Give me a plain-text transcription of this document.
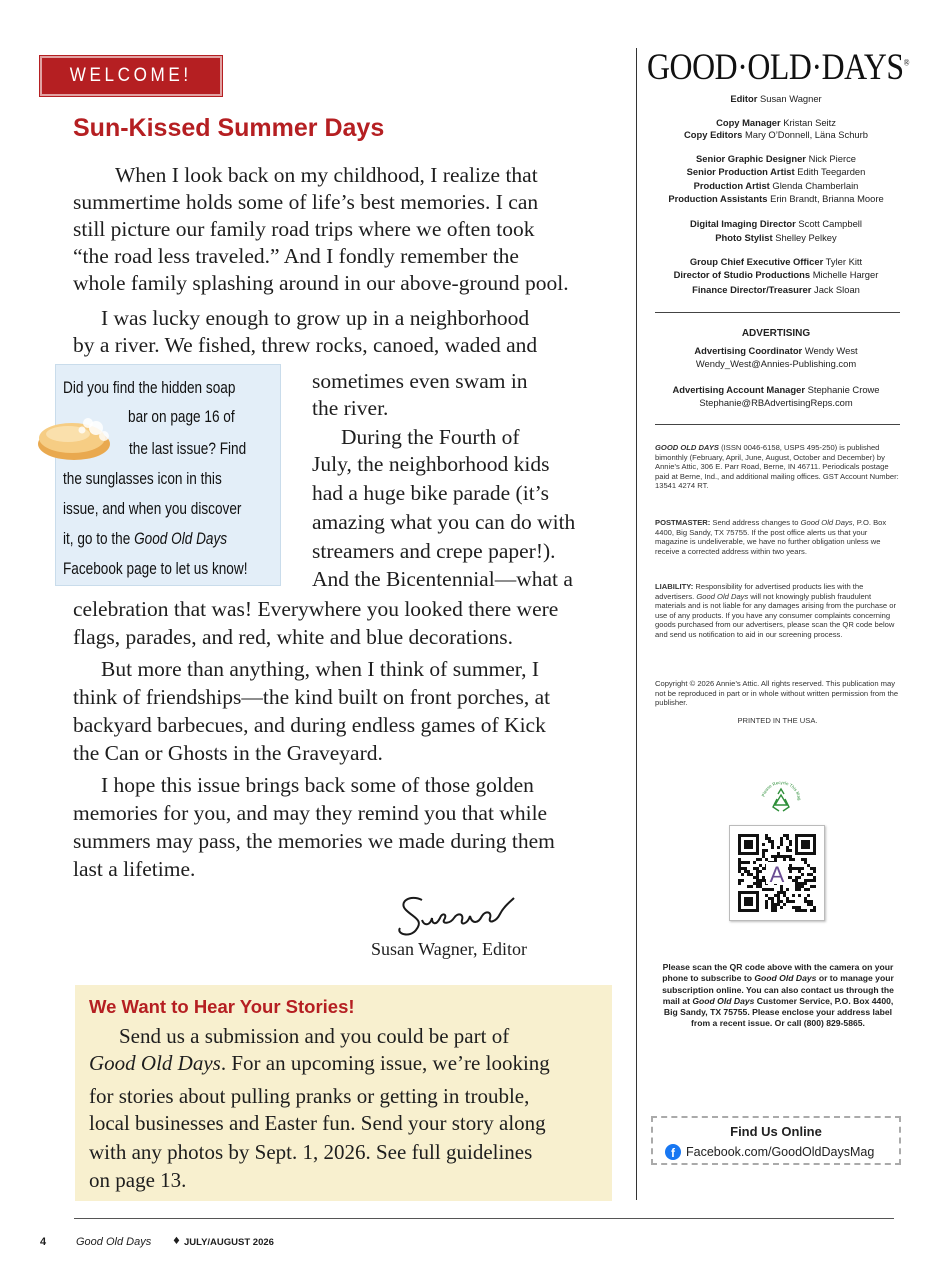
WELCOME!
Sun-Kissed Summer Days
When I look back on my childhood, I realize that
summertime holds some of life’s best memories. I can
still picture our family road trips where we often took
“the road less traveled.” And I fondly remember the
whole family splashing around in our above-ground pool.
I was lucky enough to grow up in a neighborhood
by a river. We fished, threw rocks, canoed, waded and
sometimes even swam in
the river.
During the Fourth of
July, the neighborhood kids
had a huge bike parade (it’s
amazing what you can do with
streamers and crepe paper!).
And the Bicentennial—what a
celebration that was! Everywhere you looked there were
flags, parades, and red, white and blue decorations.
But more than anything, when I think of summer, I
think of friendships—the kind built on front porches, at
backyard barbecues, and during endless games of Kick
the Can or Ghosts in the Graveyard.
I hope this issue brings back some of those golden
memories for you, and may they remind you that while
summers may pass, the memories we made during them
last a lifetime.
Did you find the hidden soap
bar on page 16 of
the last issue? Find
the sunglasses icon in this
issue, and when you discover
it, go to the Good Old Days
Facebook page to let us know!
Susan Wagner, Editor
We Want to Hear Your Stories!
Send us a submission and you could be part of
Good Old Days. For an upcoming issue, we’re looking
for stories about pulling pranks or getting in trouble,
local businesses and Easter fun. Send your story along
with any photos by Sept. 1, 2026. See full guidelines
on page 13.
GOOD·OLD·DAYS®
Editor Susan Wagner
Copy Manager Kristan Seitz
Copy Editors Mary O’Donnell, Läna Schurb
Senior Graphic Designer Nick Pierce
Senior Production Artist Edith Teegarden
Production Artist Glenda Chamberlain
Production Assistants Erin Brandt, Brianna Moore
Digital Imaging Director Scott Campbell
Photo Stylist Shelley Pelkey
Group Chief Executive Officer Tyler Kitt
Director of Studio Productions Michelle Harger
Finance Director/Treasurer Jack Sloan
ADVERTISING
Advertising Coordinator Wendy West
Wendy_West@Annies-Publishing.com
Advertising Account Manager Stephanie Crowe
Stephanie@RBAdvertisingReps.com
GOOD OLD DAYS (ISSN 0046-6158, USPS 495-250) is published bimonthly (February, April, June, August, October and December) by Annie’s Attic, 306 E. Parr Road, Berne, IN 46711. Periodicals postage paid at Berne, Ind., and additional mailing offices. GST Account Number: 13541 4274 RT.
POSTMASTER: Send address changes to Good Old Days, P.O. Box 4400, Big Sandy, TX 75755. If the post office alerts us that your magazine is undeliverable, we have no further obligation unless we receive a corrected address within two years.
LIABILITY: Responsibility for advertised products lies with the advertisers. Good Old Days will not knowingly publish fraudulent materials and is not liable for any damages arising from the purchase or use of any products. If you have any consumer complaints concerning goods purchased from our advertisers, please scan the QR code below and send us notification to aid in our screening process.
Copyright © 2026 Annie’s Attic. All rights reserved. This publication may not be reproduced in part or in whole without written permission from the publisher.
PRINTED IN THE USA.
Please Recycle This Mag
A
Please scan the QR code above with the camera on your phone to subscribe to Good Old Days or to manage your subscription online. You can also contact us through the mail at Good Old Days Customer Service, P.O. Box 4400, Big Sandy, TX 75755. Please enclose your address label from a recent issue. Or call (800) 829-5865.
Find Us Online
f Facebook.com/GoodOldDaysMag
4	Good Old Days ♦ JULY/AUGUST 2026
